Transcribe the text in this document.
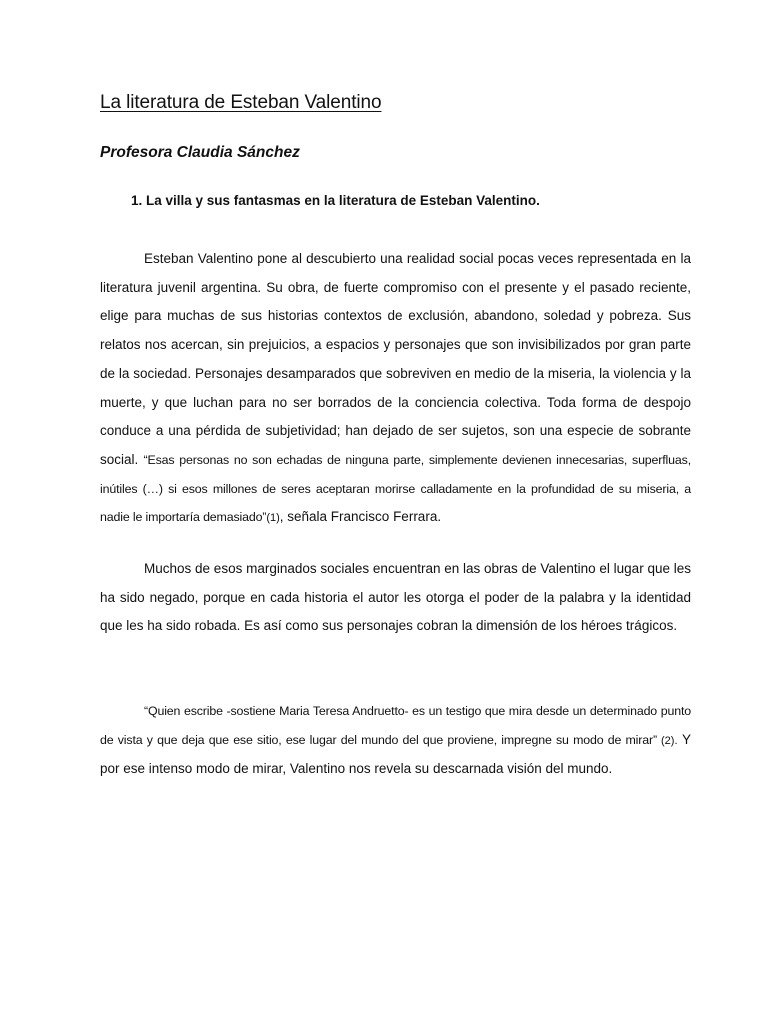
La literatura de Esteban Valentino
Profesora Claudia Sánchez
1. La villa y sus fantasmas en la literatura de Esteban Valentino.

Esteban Valentino pone al descubierto una realidad social pocas veces representada en la literatura juvenil argentina. Su obra, de fuerte compromiso con el presente y el pasado reciente, elige para muchas de sus historias contextos de exclusión, abandono, soledad y pobreza. Sus relatos nos acercan, sin prejuicios, a espacios y personajes que son invisibilizados por gran parte de la sociedad. Personajes desamparados que sobreviven en medio de la miseria, la violencia y la muerte, y que luchan para no ser borrados de la conciencia colectiva. Toda forma de despojo conduce a una pérdida de subjetividad; han dejado de ser sujetos, son una especie de sobrante social. “Esas personas no son echadas de ninguna parte, simplemente devienen innecesarias, superfluas, inútiles (…) si esos millones de seres aceptaran morirse calladamente en la profundidad de su miseria, a nadie le importaría demasiado”(1), señala Francisco Ferrara.

Muchos de esos marginados sociales encuentran en las obras de Valentino el lugar que les ha sido negado, porque en cada historia el autor les otorga el poder de la palabra y la identidad que les ha sido robada. Es así como sus personajes cobran la dimensión de los héroes trágicos.

“Quien escribe -sostiene Maria Teresa Andruetto- es un testigo que mira desde un determinado punto de vista y que deja que ese sitio, ese lugar del mundo del que proviene, impregne su modo de mirar” (2). Y por ese intenso modo de mirar, Valentino nos revela su descarnada visión del mundo.
